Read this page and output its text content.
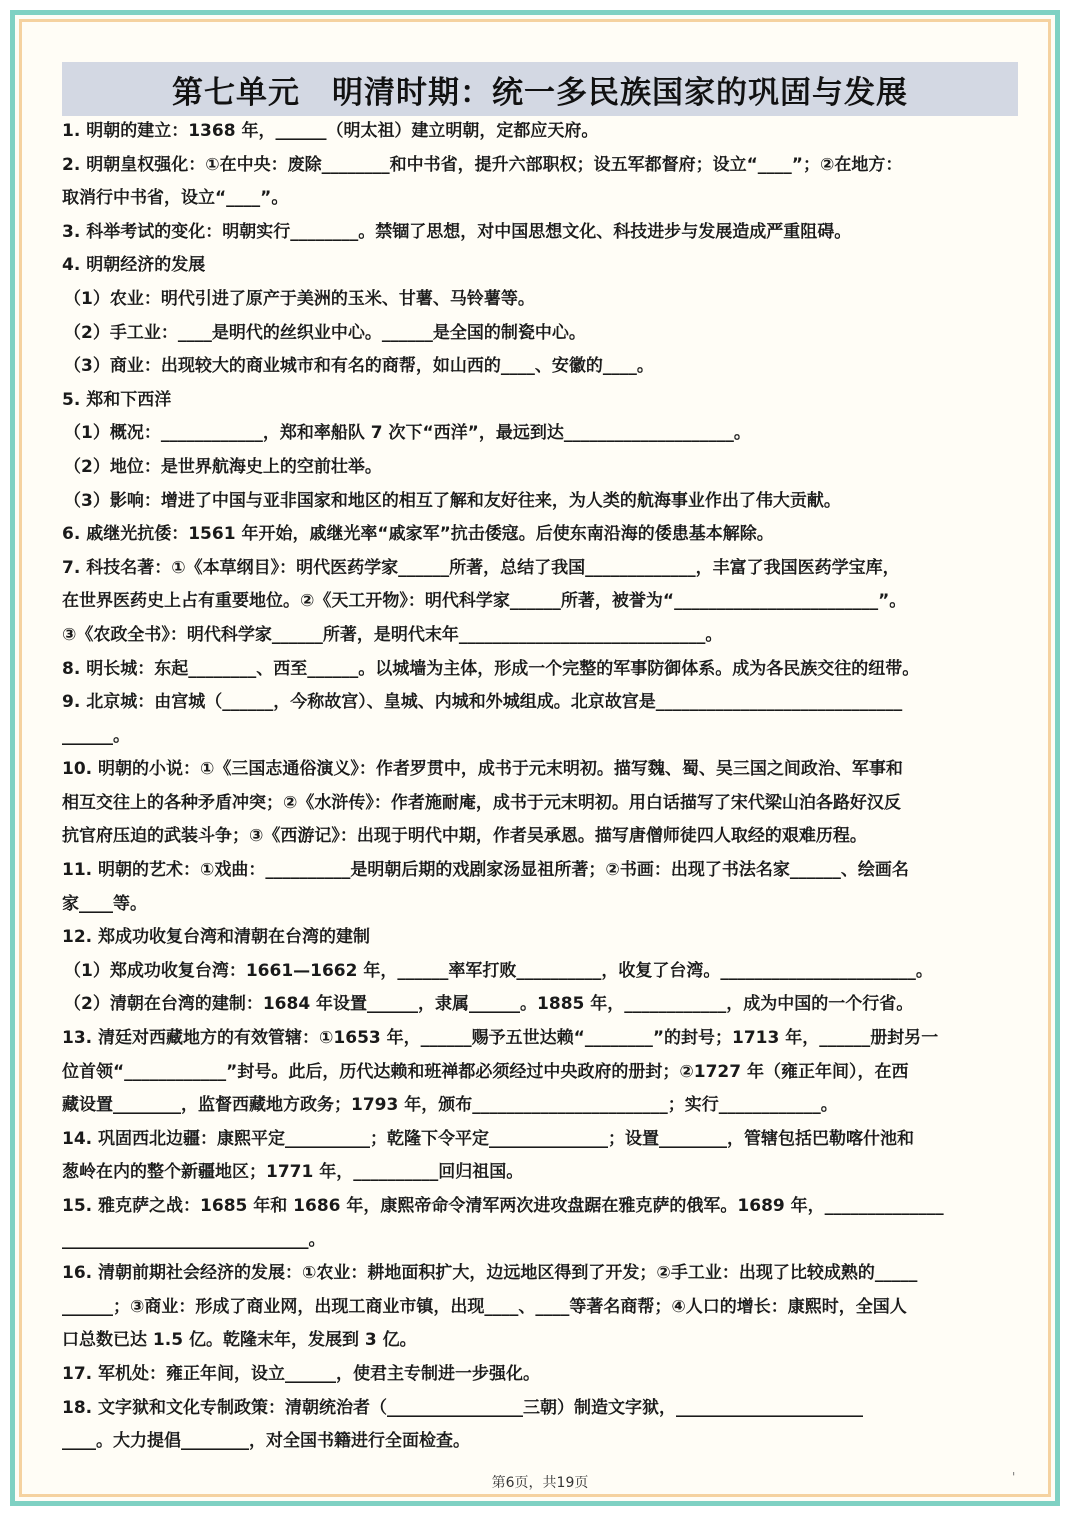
第七单元　明清时期：统一多民族国家的巩固与发展
1. 明朝的建立：1368 年，______（明太祖）建立明朝，定都应天府。
2. 明朝皇权强化：①在中央：废除________和中书省，提升六部职权；设五军都督府；设立“____”；②在地方：
取消行中书省，设立“____”。
3. 科举考试的变化：明朝实行________。禁锢了思想，对中国思想文化、科技进步与发展造成严重阻碍。
4. 明朝经济的发展
（1）农业：明代引进了原产于美洲的玉米、甘薯、马铃薯等。
（2）手工业：____是明代的丝织业中心。______是全国的制瓷中心。
（3）商业：出现较大的商业城市和有名的商帮，如山西的____、安徽的____。
5. 郑和下西洋
（1）概况：____________，郑和率船队 7 次下“西洋”，最远到达____________________。
（2）地位：是世界航海史上的空前壮举。
（3）影响：增进了中国与亚非国家和地区的相互了解和友好往来，为人类的航海事业作出了伟大贡献。
6. 戚继光抗倭：1561 年开始，戚继光率“戚家军”抗击倭寇。后使东南沿海的倭患基本解除。
7. 科技名著：①《本草纲目》：明代医药学家______所著，总结了我国_____________，丰富了我国医药学宝库，
在世界医药史上占有重要地位。②《天工开物》：明代科学家______所著，被誉为“________________________”。
③《农政全书》：明代科学家______所著，是明代末年_____________________________。
8. 明长城：东起________、西至______。以城墙为主体，形成一个完整的军事防御体系。成为各民族交往的纽带。
9. 北京城：由宫城（______，今称故宫）、皇城、内城和外城组成。北京故宫是_____________________________
______。
10. 明朝的小说：①《三国志通俗演义》：作者罗贯中，成书于元末明初。描写魏、蜀、吴三国之间政治、军事和
相互交往上的各种矛盾冲突；②《水浒传》：作者施耐庵，成书于元末明初。用白话描写了宋代梁山泊各路好汉反
抗官府压迫的武装斗争；③《西游记》：出现于明代中期，作者吴承恩。描写唐僧师徒四人取经的艰难历程。
11. 明朝的艺术：①戏曲：__________是明朝后期的戏剧家汤显祖所著；②书画：出现了书法名家______、绘画名
家____等。
12. 郑成功收复台湾和清朝在台湾的建制
（1）郑成功收复台湾：1661—1662 年，______率军打败__________，收复了台湾。_______________________。
（2）清朝在台湾的建制：1684 年设置______，隶属______。1885 年，____________，成为中国的一个行省。
13. 清廷对西藏地方的有效管辖：①1653 年，______赐予五世达赖“________”的封号；1713 年，______册封另一
位首领“____________”封号。此后，历代达赖和班禅都必须经过中央政府的册封；②1727 年（雍正年间），在西
藏设置________，监督西藏地方政务；1793 年，颁布_______________________；实行____________。
14. 巩固西北边疆：康熙平定__________；乾隆下令平定______________；设置________，管辖包括巴勒喀什池和
葱岭在内的整个新疆地区；1771 年，__________回归祖国。
15. 雅克萨之战：1685 年和 1686 年，康熙帝命令清军两次进攻盘踞在雅克萨的俄军。1689 年，______________
_____________________________。
16. 清朝前期社会经济的发展：①农业：耕地面积扩大，边远地区得到了开发；②手工业：出现了比较成熟的_____
______；③商业：形成了商业网，出现工商业市镇，出现____、____等著名商帮；④人口的增长：康熙时，全国人
口总数已达 1.5 亿。乾隆末年，发展到 3 亿。
17. 军机处：雍正年间，设立______，使君主专制进一步强化。
18. 文字狱和文化专制政策：清朝统治者（________________三朝）制造文字狱，______________________
____。大力提倡________，对全国书籍进行全面检查。
第6页，共19页	'
